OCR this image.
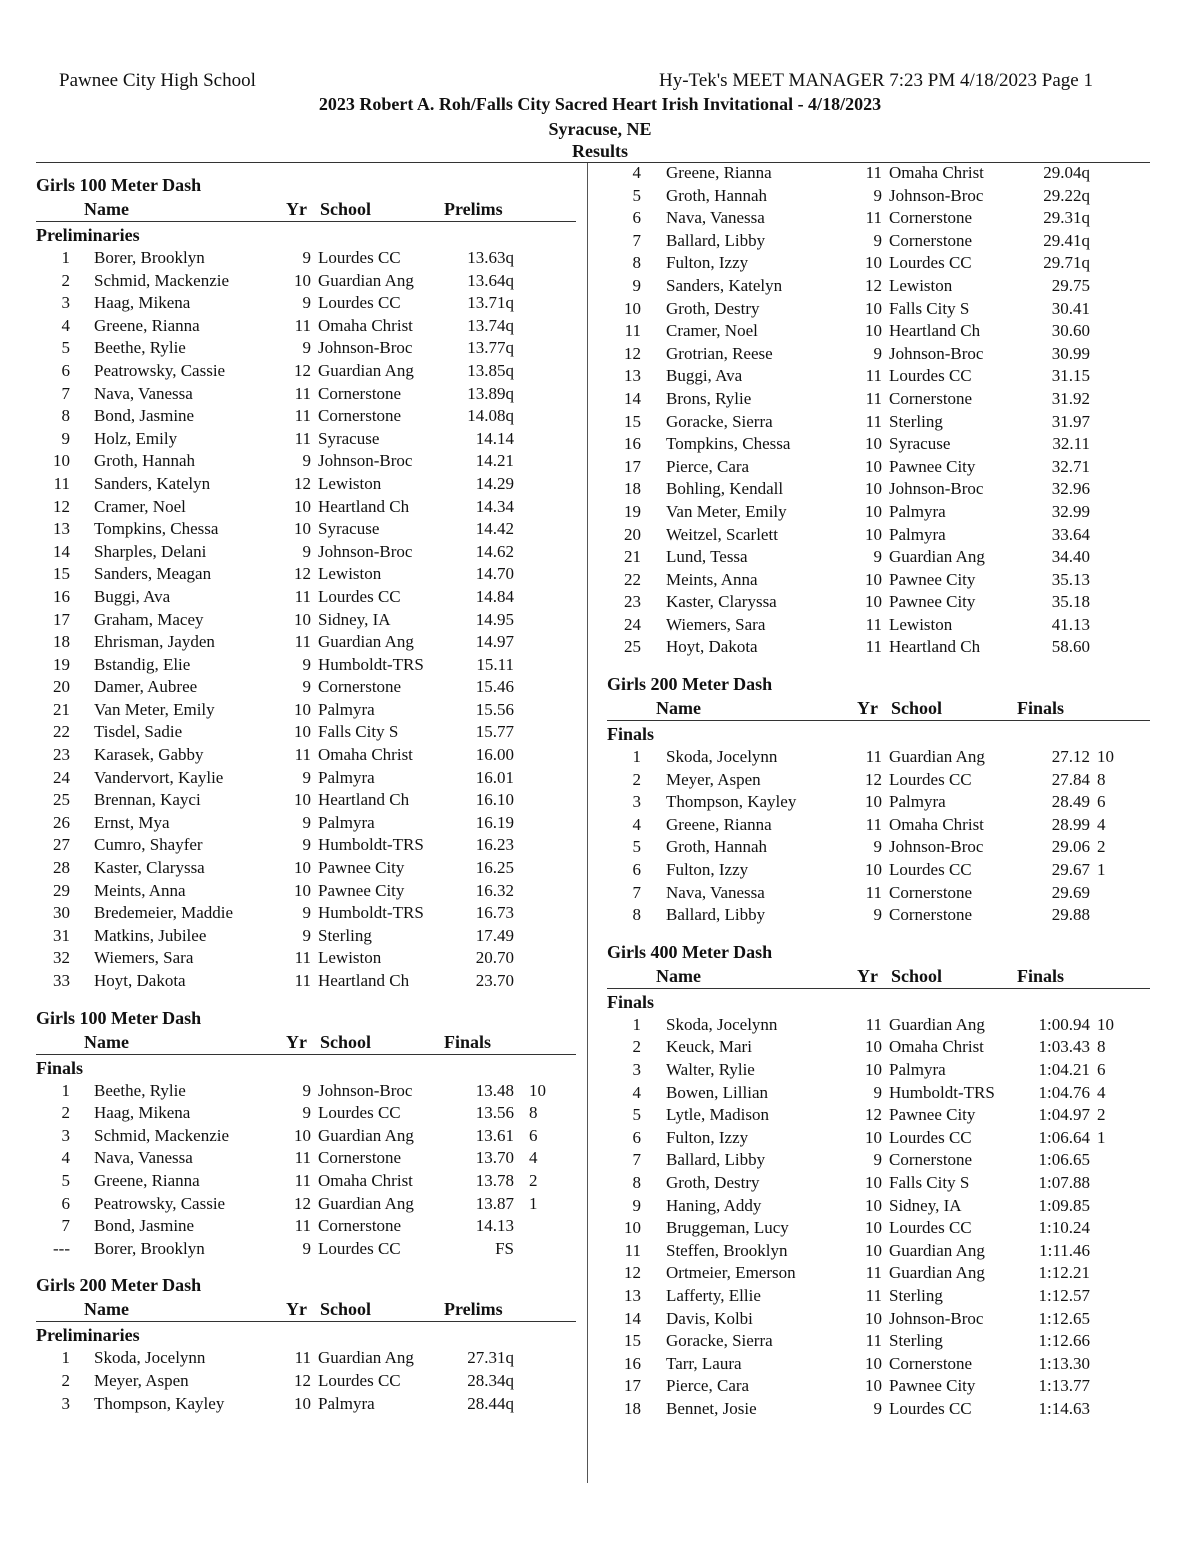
Pawnee City High School	Hy-Tek's MEET MANAGER 7:23 PM 4/18/2023 Page 1
2023 Robert A. Roh/Falls City Sacred Heart Irish Invitational - 4/18/2023
Syracuse, NE
Results
Girls 100 Meter Dash
Name	Yr School	Prelims
Preliminaries
1 Borer, Brooklyn	9 Lourdes CC	13.63q
2 Schmid, Mackenzie	10 Guardian Ang	13.64q
3 Haag, Mikena	9 Lourdes CC	13.71q
4 Greene, Rianna	11 Omaha Christ	13.74q
5 Beethe, Rylie	9 Johnson-Broc	13.77q
6 Peatrowsky, Cassie	12 Guardian Ang	13.85q
7 Nava, Vanessa	11 Cornerstone	13.89q
8 Bond, Jasmine	11 Cornerstone	14.08q
9 Holz, Emily	11 Syracuse	14.14
10 Groth, Hannah	9 Johnson-Broc	14.21
11 Sanders, Katelyn	12 Lewiston	14.29
12 Cramer, Noel	10 Heartland Ch	14.34
13 Tompkins, Chessa	10 Syracuse	14.42
14 Sharples, Delani	9 Johnson-Broc	14.62
15 Sanders, Meagan	12 Lewiston	14.70
16 Buggi, Ava	11 Lourdes CC	14.84
17 Graham, Macey	10 Sidney, IA	14.95
18 Ehrisman, Jayden	11 Guardian Ang	14.97
19 Bstandig, Elie	9 Humboldt-TRS	15.11
20 Damer, Aubree	9 Cornerstone	15.46
21 Van Meter, Emily	10 Palmyra	15.56
22 Tisdel, Sadie	10 Falls City S	15.77
23 Karasek, Gabby	11 Omaha Christ	16.00
24 Vandervort, Kaylie	9 Palmyra	16.01
25 Brennan, Kayci	10 Heartland Ch	16.10
26 Ernst, Mya	9 Palmyra	16.19
27 Cumro, Shayfer	9 Humboldt-TRS	16.23
28 Kaster, Claryssa	10 Pawnee City	16.25
29 Meints, Anna	10 Pawnee City	16.32
30 Bredemeier, Maddie	9 Humboldt-TRS	16.73
31 Matkins, Jubilee	9 Sterling	17.49
32 Wiemers, Sara	11 Lewiston	20.70
33 Hoyt, Dakota	11 Heartland Ch	23.70
Girls 100 Meter Dash
Name	Yr School	Finals
Finals
1 Beethe, Rylie	9 Johnson-Broc	13.48 10
2 Haag, Mikena	9 Lourdes CC	13.56 8
3 Schmid, Mackenzie	10 Guardian Ang	13.61 6
4 Nava, Vanessa	11 Cornerstone	13.70 4
5 Greene, Rianna	11 Omaha Christ	13.78 2
6 Peatrowsky, Cassie	12 Guardian Ang	13.87 1
7 Bond, Jasmine	11 Cornerstone	14.13
--- Borer, Brooklyn	9 Lourdes CC	FS
Girls 200 Meter Dash
Name	Yr School	Prelims
Preliminaries
1 Skoda, Jocelynn	11 Guardian Ang	27.31q
2 Meyer, Aspen	12 Lourdes CC	28.34q
3 Thompson, Kayley	10 Palmyra	28.44q
4 Greene, Rianna	11 Omaha Christ	29.04q
5 Groth, Hannah	9 Johnson-Broc	29.22q
6 Nava, Vanessa	11 Cornerstone	29.31q
7 Ballard, Libby	9 Cornerstone	29.41q
8 Fulton, Izzy	10 Lourdes CC	29.71q
9 Sanders, Katelyn	12 Lewiston	29.75
10 Groth, Destry	10 Falls City S	30.41
11 Cramer, Noel	10 Heartland Ch	30.60
12 Grotrian, Reese	9 Johnson-Broc	30.99
13 Buggi, Ava	11 Lourdes CC	31.15
14 Brons, Rylie	11 Cornerstone	31.92
15 Goracke, Sierra	11 Sterling	31.97
16 Tompkins, Chessa	10 Syracuse	32.11
17 Pierce, Cara	10 Pawnee City	32.71
18 Bohling, Kendall	10 Johnson-Broc	32.96
19 Van Meter, Emily	10 Palmyra	32.99
20 Weitzel, Scarlett	10 Palmyra	33.64
21 Lund, Tessa	9 Guardian Ang	34.40
22 Meints, Anna	10 Pawnee City	35.13
23 Kaster, Claryssa	10 Pawnee City	35.18
24 Wiemers, Sara	11 Lewiston	41.13
25 Hoyt, Dakota	11 Heartland Ch	58.60
Girls 200 Meter Dash
Name	Yr School	Finals
Finals
1 Skoda, Jocelynn	11 Guardian Ang	27.12 10
2 Meyer, Aspen	12 Lourdes CC	27.84 8
3 Thompson, Kayley	10 Palmyra	28.49 6
4 Greene, Rianna	11 Omaha Christ	28.99 4
5 Groth, Hannah	9 Johnson-Broc	29.06 2
6 Fulton, Izzy	10 Lourdes CC	29.67 1
7 Nava, Vanessa	11 Cornerstone	29.69
8 Ballard, Libby	9 Cornerstone	29.88
Girls 400 Meter Dash
Name	Yr School	Finals
Finals
1 Skoda, Jocelynn	11 Guardian Ang	1:00.94 10
2 Keuck, Mari	10 Omaha Christ	1:03.43 8
3 Walter, Rylie	10 Palmyra	1:04.21 6
4 Bowen, Lillian	9 Humboldt-TRS	1:04.76 4
5 Lytle, Madison	12 Pawnee City	1:04.97 2
6 Fulton, Izzy	10 Lourdes CC	1:06.64 1
7 Ballard, Libby	9 Cornerstone	1:06.65
8 Groth, Destry	10 Falls City S	1:07.88
9 Haning, Addy	10 Sidney, IA	1:09.85
10 Bruggeman, Lucy	10 Lourdes CC	1:10.24
11 Steffen, Brooklyn	10 Guardian Ang	1:11.46
12 Ortmeier, Emerson	11 Guardian Ang	1:12.21
13 Lafferty, Ellie	11 Sterling	1:12.57
14 Davis, Kolbi	10 Johnson-Broc	1:12.65
15 Goracke, Sierra	11 Sterling	1:12.66
16 Tarr, Laura	10 Cornerstone	1:13.30
17 Pierce, Cara	10 Pawnee City	1:13.77
18 Bennet, Josie	9 Lourdes CC	1:14.63
